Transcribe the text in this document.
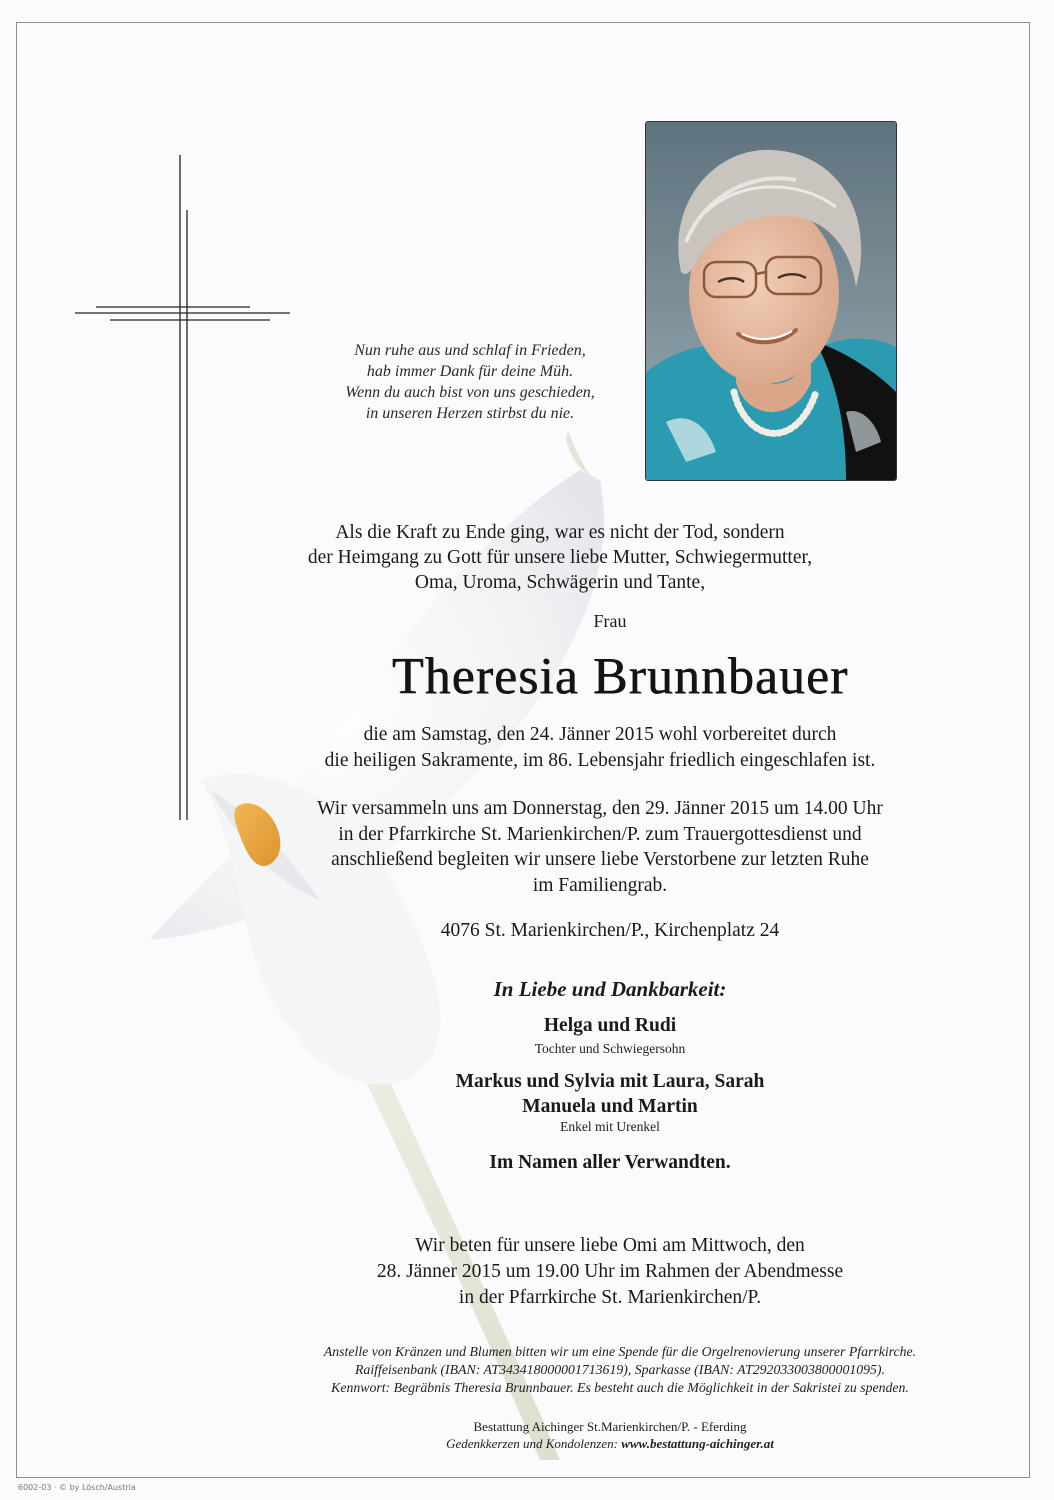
Nun ruhe aus und schlaf in Frieden,
hab immer Dank für deine Müh.
Wenn du auch bist von uns geschieden,
in unseren Herzen stirbst du nie.
Als die Kraft zu Ende ging, war es nicht der Tod, sondern
der Heimgang zu Gott für unsere liebe Mutter, Schwiegermutter,
Oma, Uroma, Schwägerin und Tante,
Frau
Theresia Brunnbauer
die am Samstag, den 24. Jänner 2015 wohl vorbereitet durch
die heiligen Sakramente, im 86. Lebensjahr friedlich eingeschlafen ist.
Wir versammeln uns am Donnerstag, den 29. Jänner 2015 um 14.00 Uhr
in der Pfarrkirche St. Marienkirchen/P. zum Trauergottesdienst und
anschließend begleiten wir unsere liebe Verstorbene zur letzten Ruhe
im Familiengrab.
4076 St. Marienkirchen/P., Kirchenplatz 24
In Liebe und Dankbarkeit:
Helga und Rudi
Tochter und Schwiegersohn
Markus und Sylvia mit Laura, Sarah
Manuela und Martin
Enkel mit Urenkel
Im Namen aller Verwandten.
Wir beten für unsere liebe Omi am Mittwoch, den
28. Jänner 2015 um 19.00 Uhr im Rahmen der Abendmesse
in der Pfarrkirche St. Marienkirchen/P.
Anstelle von Kränzen und Blumen bitten wir um eine Spende für die Orgelrenovierung unserer Pfarrkirche.
Raiffeisenbank (IBAN: AT343418000001713619), Sparkasse (IBAN: AT292033003800001095).
Kennwort: Begräbnis Theresia Brunnbauer. Es besteht auch die Möglichkeit in der Sakristei zu spenden.
Bestattung Aichinger St.Marienkirchen/P. - Eferding
Gedenkkerzen und Kondolenzen: www.bestattung-aichinger.at
6002-03 · © by Lösch/Austria
